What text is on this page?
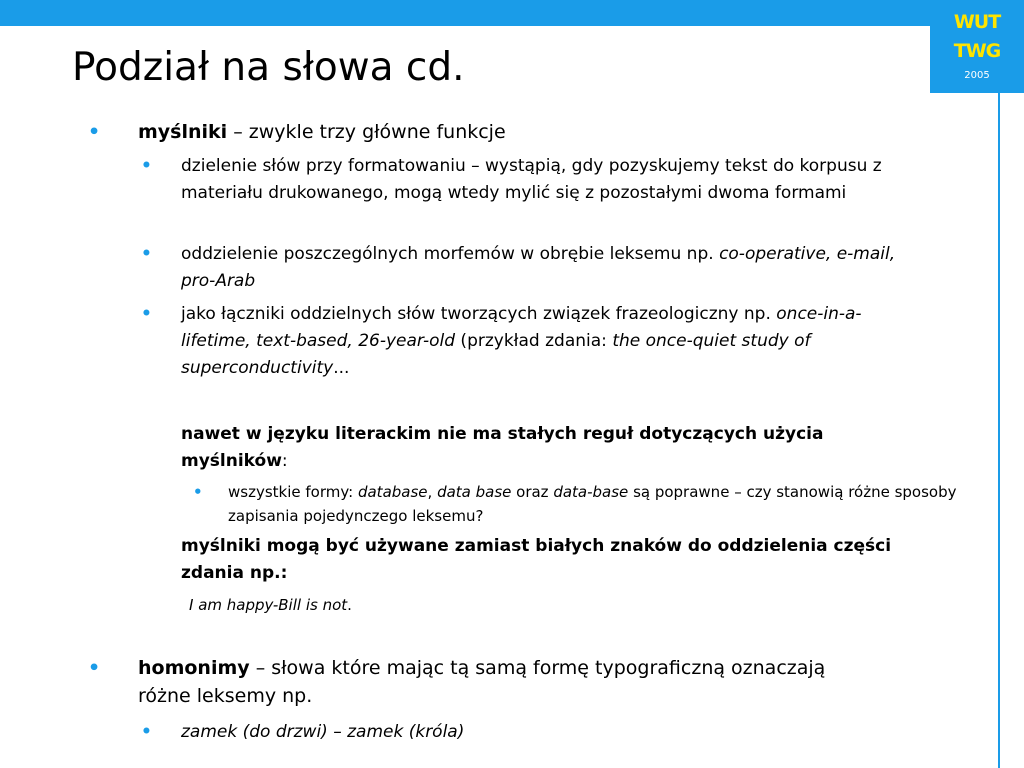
WUT
TWG
2005
Podział na słowa cd.
• myślniki – zwykle trzy główne funkcje

• dzielenie słów przy formatowaniu – wystąpią, gdy pozyskujemy tekst do korpusu z materiału drukowanego, mogą wtedy mylić się z pozostałymi dwoma formami

• oddzielenie poszczególnych morfemów w obrębie leksemu np. co-operative, e-mail, pro-Arab

• jako łączniki oddzielnych słów tworzących związek frazeologiczny np. once-in-a-lifetime, text-based, 26-year-old (przykład zdania: the once-quiet study of superconductivity...

nawet w języku literackim nie ma stałych reguł dotyczących użycia myślników:

• wszystkie formy: database, data base oraz data-base są poprawne – czy stanowią różne sposoby zapisania pojedynczego leksemu?

myślniki mogą być używane zamiast białych znaków do oddzielenia części zdania np.:

I am happy-Bill is not.

• homonimy – słowa które mając tą samą formę typograficzną oznaczają różne leksemy np.

• zamek (do drzwi) – zamek (króla)
